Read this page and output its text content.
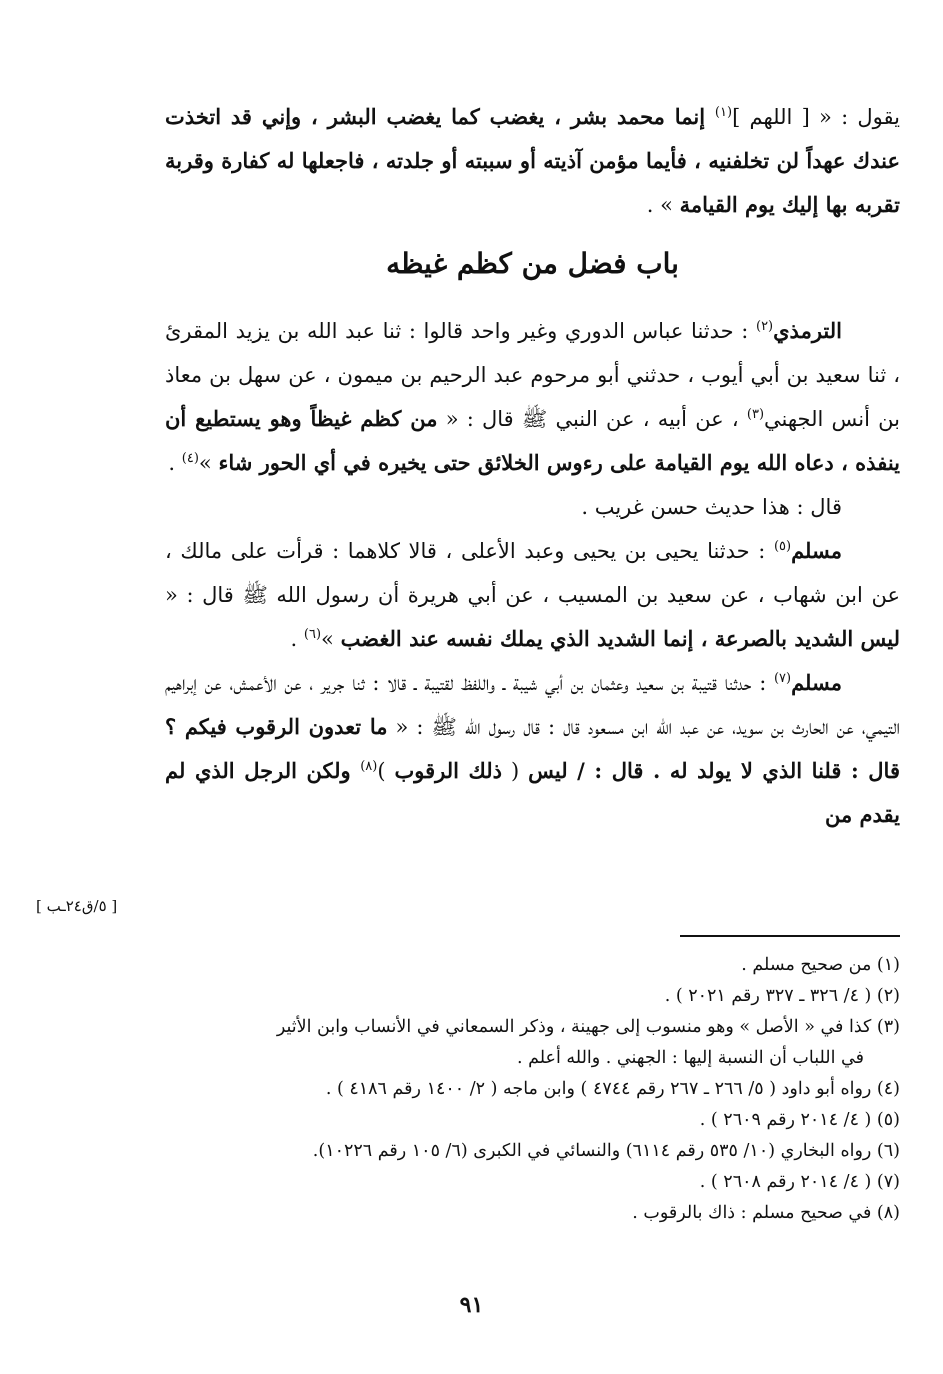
يقول : « [ اللهم ]$^{(١)}$ إنما محمد بشر ، يغضب كما يغضب البشر ، وإني قد اتخذت عندك عهداً لن تخلفنيه ، فأيما مؤمن آذيته أو سببته أو جلدته ، فاجعلها له كفارة وقربة تقربه بها إليك يوم القيامة » .

باب فضل من كظم غيظه

الترمذي$^{(٢)}$ : حدثنا عباس الدوري وغير واحد قالوا : ثنا عبد الله بن يزيد المقرئ ، ثنا سعيد بن أبي أيوب ، حدثني أبو مرحوم عبد الرحيم بن ميمون ، عن سهل بن معاذ بن أنس الجهني$^{(٣)}$ ، عن أبيه ، عن النبي ﷺ قال : « من كظم غيظاً وهو يستطيع أن ينفذه ، دعاه الله يوم القيامة على رءوس الخلائق حتى يخيره في أي الحور شاء »$^{(٤)}$ .

قال : هذا حديث حسن غريب .

مسلم$^{(٥)}$ : حدثنا يحيى بن يحيى وعبد الأعلى ، قالا كلاهما : قرأت على مالك ، عن ابن شهاب ، عن سعيد بن المسيب ، عن أبي هريرة أن رسول الله ﷺ قال : « ليس الشديد بالصرعة ، إنما الشديد الذي يملك نفسه عند الغضب »$^{(٦)}$ .

مسلم$^{(٧)}$ : حدثنا قتيبة بن سعيد وعثمان بن أبي شيبة ـ واللفظ لقتيبة ـ قالا : ثنا جرير ، عن الأعمش، عن إبراهيم التيمي، عن الحارث بن سويد، عن عبد الله ابن مسعود قال : قال رسول الله ﷺ : « ما تعدون الرقوب فيكم ؟ قال : قلنا الذي لا يولد له . قال : / ليس ( ذلك الرقوب )$^{(٨)}$ ولكن الرجل الذي لم يقدم من

[ ٥/ق٢٤ـب ]

(١) من صحيح مسلم .

(٢) ( ٤/ ٣٢٦ ـ ٣٢٧ رقم ٢٠٢١ ) .

(٣) كذا في « الأصل » وهو منسوب إلى جهينة ، وذكر السمعاني في الأنساب وابن الأثير

في اللباب أن النسبة إليها : الجهني . والله أعلم .

(٤) رواه أبو داود ( ٥/ ٢٦٦ ـ ٢٦٧ رقم ٤٧٤٤ ) وابن ماجه ( ٢/ ١٤٠٠ رقم ٤١٨٦ ) .

(٥) ( ٤/ ٢٠١٤ رقم ٢٦٠٩ ) .

(٦) رواه البخاري (١٠/ ٥٣٥ رقم ٦١١٤) والنسائي في الكبرى (٦/ ١٠٥ رقم ١٠٢٢٦).

(٧) ( ٤/ ٢٠١٤ رقم ٢٦٠٨ ) .

(٨) في صحيح مسلم : ذاك بالرقوب .

٩١
